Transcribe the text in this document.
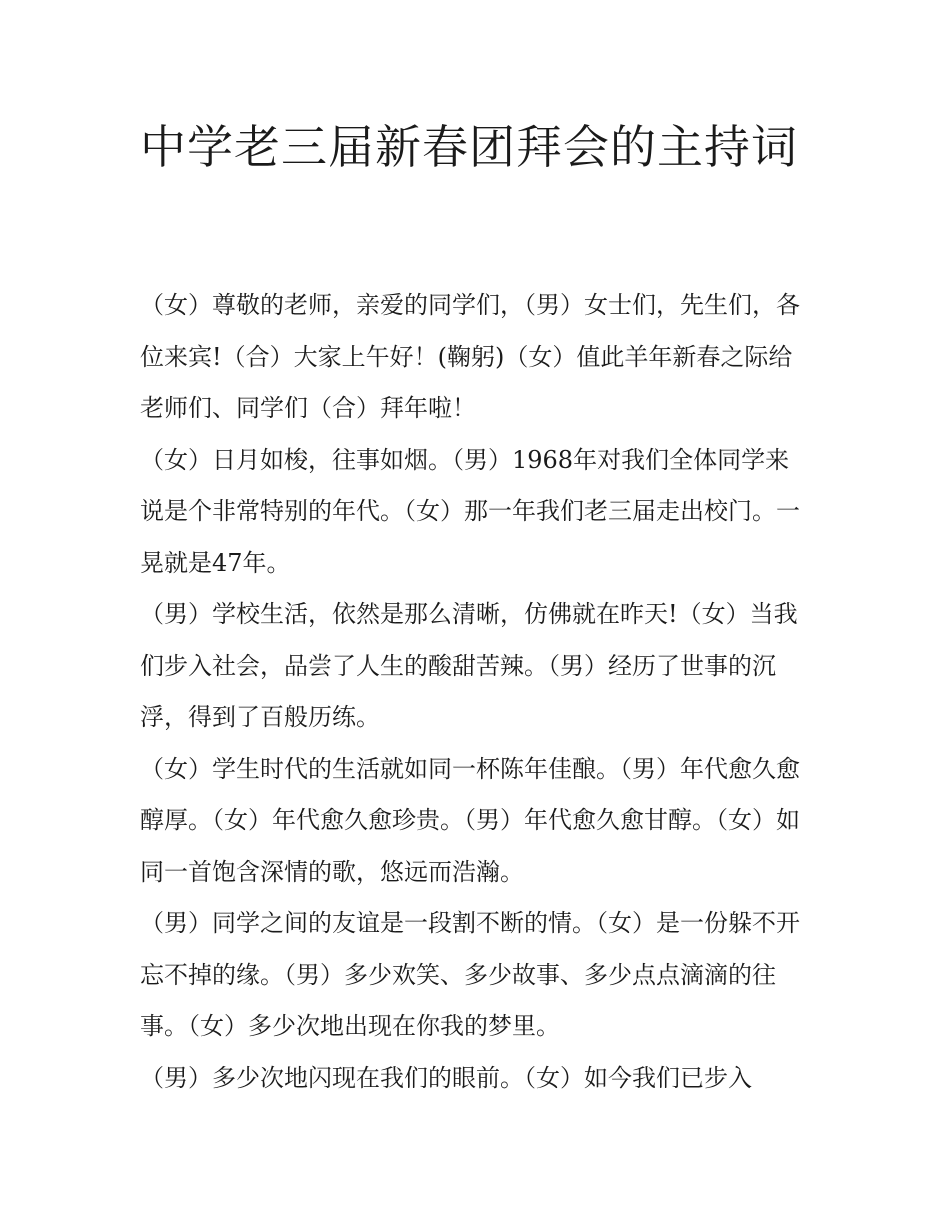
中学老三届新春团拜会的主持词

（女）尊敬的老师，亲爱的同学们，（男）女士们，先生们，各位来宾!（合）大家上午好！(鞠躬)（女）值此羊年新春之际给老师们、同学们（合）拜年啦！

（女）日月如梭，往事如烟。（男）1968年对我们全体同学来说是个非常特别的年代。（女）那一年我们老三届走出校门。一晃就是47年。

（男）学校生活，依然是那么清晰，仿佛就在昨天!（女）当我们步入社会，品尝了人生的酸甜苦辣。（男）经历了世事的沉浮，得到了百般历练。

（女）学生时代的生活就如同一杯陈年佳酿。（男）年代愈久愈醇厚。（女）年代愈久愈珍贵。（男）年代愈久愈甘醇。（女）如同一首饱含深情的歌，悠远而浩瀚。

（男）同学之间的友谊是一段割不断的情。（女）是一份躲不开忘不掉的缘。（男）多少欢笑、多少故事、多少点点滴滴的往事。（女）多少次地出现在你我的梦里。

（男）多少次地闪现在我们的眼前。（女）如今我们已步入
